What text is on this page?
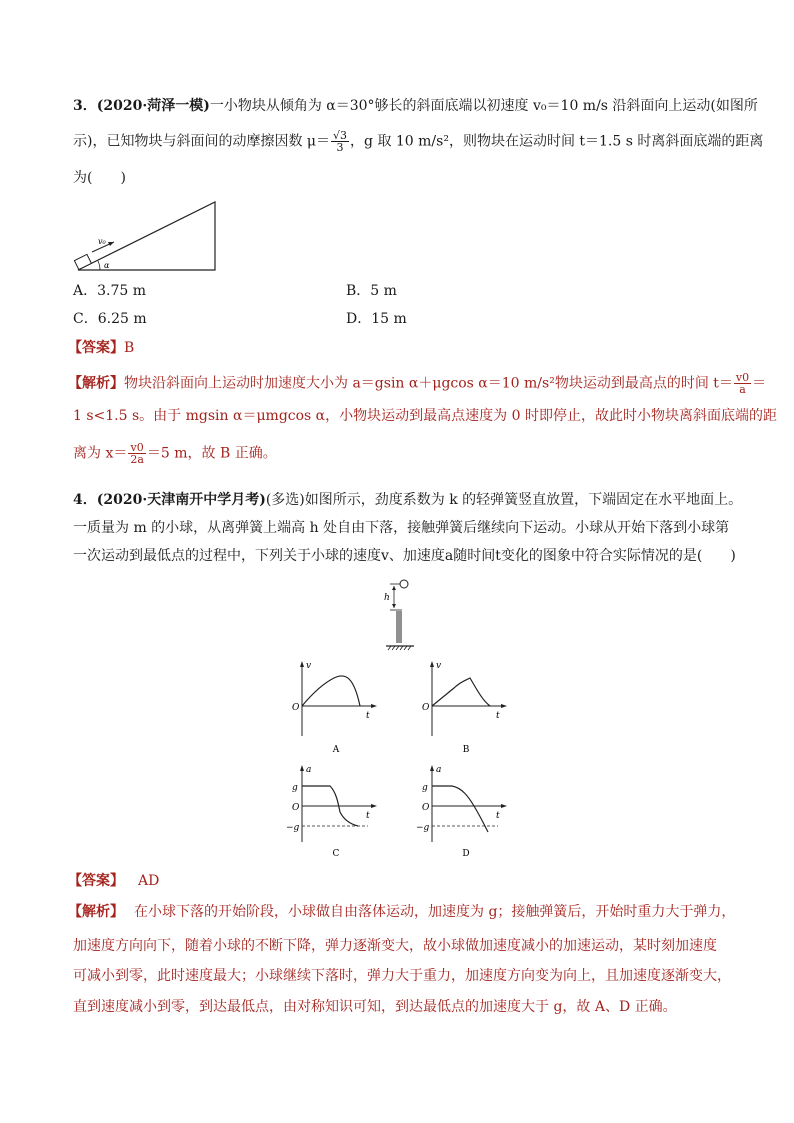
3．(2020·菏泽一模)一小物块从倾角为 α＝30°够长的斜面底端以初速度 v₀＝10 m/s 沿斜面向上运动(如图所
示)，已知物块与斜面间的动摩擦因数 $\mu= \frac{√3}{3}$ ，g 取 10 m/s²，则物块在运动时间 t＝1.5 s 时离斜面底端的距离
为(　　)
v₀
α
A．3.75 m	B．5 m
C．6.25 m	D．15 m
【答案】B
【解析】物块沿斜面向上运动时加速度大小为 a＝gsin α＋μgcos α＝10 m/s²物块运动到最高点的时间 $t= \frac{v0}{a}$ ＝
1 s<1.5 s。由于 mgsin α＝μmgcos α，小物块运动到最高点速度为 0 时即停止，故此时小物块离斜面底端的距
离为 $x= \frac{v0}{2a} =5$ m，故 B 正确。
4．(2020·天津南开中学月考)(多选)如图所示，劲度系数为 k 的轻弹簧竖直放置，下端固定在水平地面上。
一质量为 m 的小球，从离弹簧上端高 h 处自由下落，接触弹簧后继续向下运动。小球从开始下落到小球第
一次运动到最低点的过程中，下列关于小球的速度v、加速度a随时间t变化的图象中符合实际情况的是(　　)
h
v
t
O
A
v
t
O
B
a
t
O
g
−g
C
a
t
O
g
−g
D
【答案】 AD
【解析】 在小球下落的开始阶段，小球做自由落体运动，加速度为 g；接触弹簧后，开始时重力大于弹力，
加速度方向向下，随着小球的不断下降，弹力逐渐变大，故小球做加速度减小的加速运动，某时刻加速度
可减小到零，此时速度最大；小球继续下落时，弹力大于重力，加速度方向变为向上，且加速度逐渐变大，
直到速度减小到零，到达最低点，由对称知识可知，到达最低点的加速度大于 g，故 A、D 正确。
